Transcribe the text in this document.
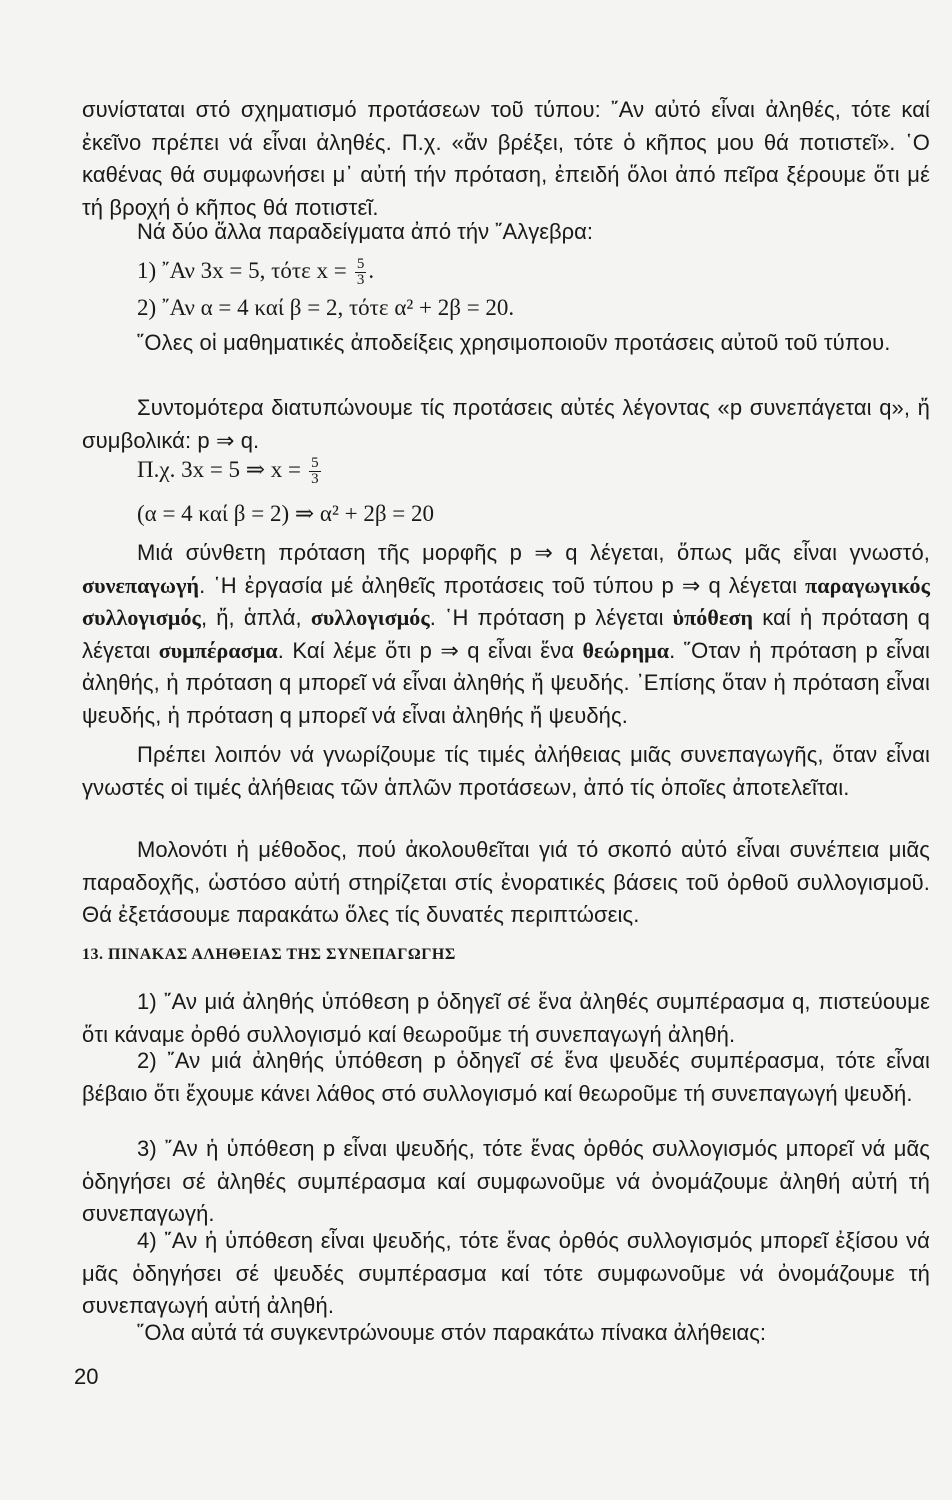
συνίσταται στό σχηματισμό προτάσεων τοῦ τύπου: ῎Αν αὐτό εἶναι ἀληθές, τότε καί ἐκεῖνο πρέπει νά εἶναι ἀληθές. Π.χ. «ἄν βρέξει, τότε ὁ κῆπος μου θά ποτιστεῖ». ῾Ο καθένας θά συμφωνήσει μ᾿ αὐτή τήν πρόταση, ἐπειδή ὅλοι ἀπό πεῖρα ξέρουμε ὅτι μέ τή βροχή ὁ κῆπος θά ποτιστεῖ.

Νά δύο ἄλλα παραδείγματα ἀπό τήν ῎Αλγεβρα:
1) ῎Αν 3x = 5, τότε $x = \frac{5}{3}$ .
2) ῎Αν α = 4 καί β = 2, τότε α² + 2β = 20.

῞Ολες οἱ μαθηματικές ἀποδείξεις χρησιμοποιοῦν προτάσεις αὐτοῦ τοῦ τύπου.

Συντομότερα διατυπώνουμε τίς προτάσεις αὐτές λέγοντας «p συνεπάγεται q», ἤ συμβολικά: p ⇒ q.

Π.χ. 3x = 5 ⇒ $x = \frac{5}{3}$
(α = 4 καί β = 2) ⇒ α² + 2β = 20

Μιά σύνθετη πρόταση τῆς μορφῆς p ⇒ q λέγεται, ὅπως μᾶς εἶναι γνωστό, συνεπαγωγή. ῾Η ἐργασία μέ ἀληθεῖς προτάσεις τοῦ τύπου p ⇒ q λέγεται παραγωγικός συλλογισμός, ἤ, ἁπλά, συλλογισμός. ῾Η πρόταση p λέγεται ὑπόθεση καί ἡ πρόταση q λέγεται συμπέρασμα. Καί λέμε ὅτι p ⇒ q εἶναι ἕνα θεώρημα. ῞Οταν ἡ πρόταση p εἶναι ἀληθής, ἡ πρόταση q μπορεῖ νά εἶναι ἀληθής ἤ ψευδής. ᾿Επίσης ὅταν ἡ πρόταση εἶναι ψευδής, ἡ πρόταση q μπορεῖ νά εἶναι ἀληθής ἤ ψευδής.

Πρέπει λοιπόν νά γνωρίζουμε τίς τιμές ἀλήθειας μιᾶς συνεπαγωγῆς, ὅταν εἶναι γνωστές οἱ τιμές ἀλήθειας τῶν ἁπλῶν προτάσεων, ἀπό τίς ὁποῖες ἀποτελεῖται.

Μολονότι ἡ μέθοδος, πού ἀκολουθεῖται γιά τό σκοπό αὐτό εἶναι συνέπεια μιᾶς παραδοχῆς, ὡστόσο αὐτή στηρίζεται στίς ἐνορατικές βάσεις τοῦ ὀρθοῦ συλλογισμοῦ. Θά ἐξετάσουμε παρακάτω ὅλες τίς δυνατές περιπτώσεις.

13. ΠΙΝΑΚΑΣ ΑΛΗΘΕΙΑΣ ΤΗΣ ΣΥΝΕΠΑΓΩΓΗΣ

1) ῎Αν μιά ἀληθής ὑπόθεση p ὁδηγεῖ σέ ἕνα ἀληθές συμπέρασμα q, πιστεύουμε ὅτι κάναμε ὀρθό συλλογισμό καί θεωροῦμε τή συνεπαγωγή ἀληθή.

2) ῎Αν μιά ἀληθής ὑπόθεση p ὁδηγεῖ σέ ἕνα ψευδές συμπέρασμα, τότε εἶναι βέβαιο ὅτι ἔχουμε κάνει λάθος στό συλλογισμό καί θεωροῦμε τή συνεπαγωγή ψευδή.

3) ῎Αν ἡ ὑπόθεση p εἶναι ψευδής, τότε ἕνας ὀρθός συλλογισμός μπορεῖ νά μᾶς ὁδηγήσει σέ ἀληθές συμπέρασμα καί συμφωνοῦμε νά ὀνομάζουμε ἀληθή αὐτή τή συνεπαγωγή.

4) ῎Αν ἡ ὑπόθεση εἶναι ψευδής, τότε ἕνας ὀρθός συλλογισμός μπορεῖ ἐξίσου νά μᾶς ὁδηγήσει σέ ψευδές συμπέρασμα καί τότε συμφωνοῦμε νά ὀνομάζουμε τή συνεπαγωγή αὐτή ἀληθή.

῞Ολα αὐτά τά συγκεντρώνουμε στόν παρακάτω πίνακα ἀλήθειας:
20
